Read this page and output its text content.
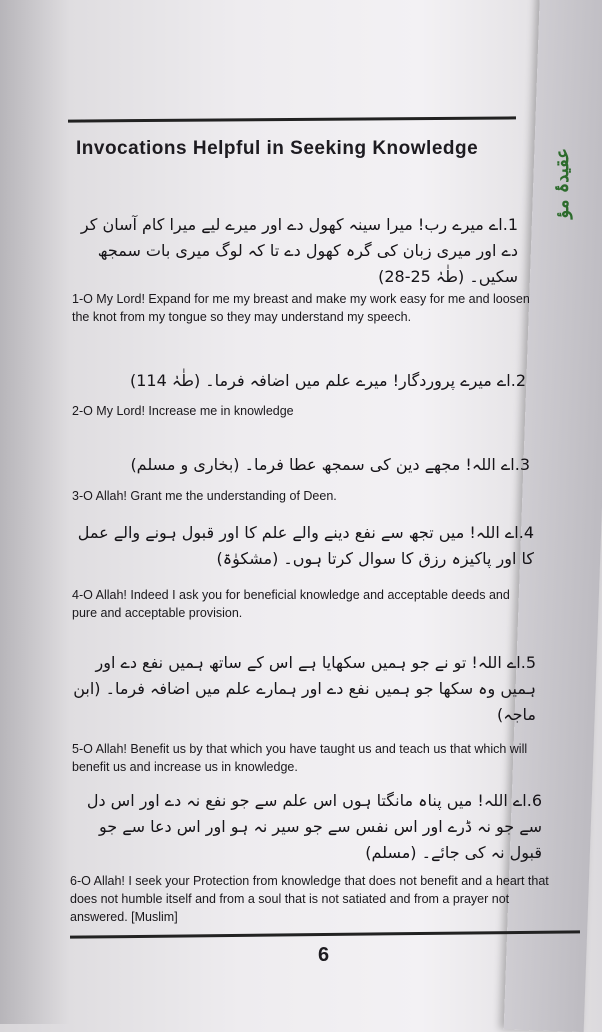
عقیدۂ مؤ
Invocations Helpful in Seeking Knowledge
1.اے میرے رب! میرا سینہ کھول دے اور میرے لیے میرا کام آسان کر دے اور میری زبان کی گرہ کھول دے تا کہ لوگ میری بات سمجھ سکیں۔ (طٰہٰ 25-28)
1-O My Lord! Expand for me my breast and make my work easy for me and loosen the knot from my tongue so they may understand my speech.
2.اے میرے پروردگار! میرے علم میں اضافہ فرما۔ (طٰہٰ 114)
2-O My Lord! Increase me in knowledge
3.اے اللہ! مجھے دین کی سمجھ عطا فرما۔ (بخاری و مسلم)
3-O Allah! Grant me the understanding of Deen.
4.اے اللہ! میں تجھ سے نفع دینے والے علم کا اور قبول ہونے والے عمل کا اور پاکیزہ رزق کا سوال کرتا ہوں۔ (مشکوٰۃ)
4-O Allah! Indeed I ask you for beneficial knowledge and acceptable deeds and pure and acceptable provision.
5.اے اللہ! تو نے جو ہمیں سکھایا ہے اس کے ساتھ ہمیں نفع دے اور ہمیں وہ سکھا جو ہمیں نفع دے اور ہمارے علم میں اضافہ فرما۔ (ابن ماجہ)
5-O Allah! Benefit us by that which you have taught us and teach us that which will benefit us and increase us in knowledge.
6.اے اللہ! میں پناہ مانگتا ہوں اس علم سے جو نفع نہ دے اور اس دل سے جو نہ ڈرے اور اس نفس سے جو سیر نہ ہو اور اس دعا سے جو قبول نہ کی جائے۔ (مسلم)
6-O Allah! I seek your Protection from knowledge that does not benefit and a heart that does not humble itself and from a soul that is not satiated and from a prayer not answered. [Muslim]
6
